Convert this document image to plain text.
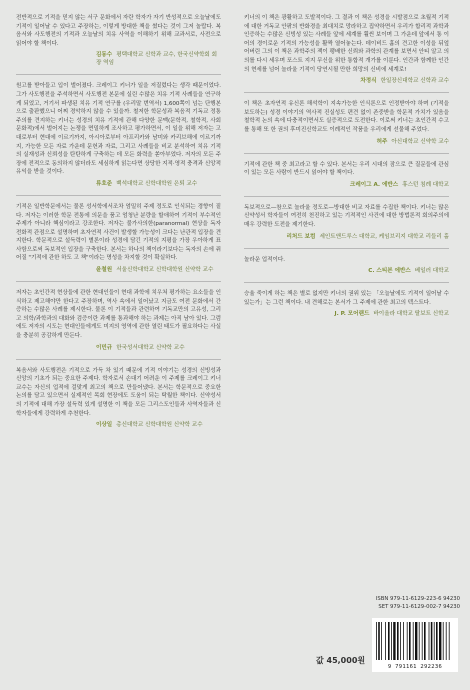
전반적으로 기적을 믿지 않는 서구 문화에서 자란 학자가 자기 반성적으로 오늘날에도 기적이 일어날 수 있다고 주장하는, 이렇게 방대한 책을 썼다는 것이 그저 놀랍다. 복음서와 사도행전의 기적과 오늘날의 치유 사역을 이해하기 위해 교과서로, 사전으로 읽어야 할 책이다.
김동수 평택대학교 신학과 교수, 한국신약학회 회장 역임
원고를 받아들고 입이 벌어졌다. 크레이그 키너가 일을 저질렀다는 생각 때문이었다. 그가 사도행전을 주석하면서 사도행전 본문에 실린 수많은 치유 기적 사례들을 연구하게 되었고, 거기서 파생된 치유 기적 연구를 (우리말 번역서) 1,600쪽이 넘는 단행본으로 출판했으니 어찌 경악하지 않을 수 있을까. 철저한 학문성과 복음적 기독교 정통주의를 견지하는 키너는 성경의 치유 기적에 관해 다양한 문맥(문학적, 철학적, 사회 문화적)에서 벌어지는 논쟁을 면밀하게 조사하고 평가하면서, 이 일을 위해 저자는 고대로부터 현대에 이르기까지, 아시아로부터 아프리카와 남미와 카리브해에 이르기까지, 가능한 모든 자료 가운데 문헌과 자료, 그리고 사례들을 비교 분석하여 치유 기적의 실재성과 신뢰성을 탄탄하게 구축하는 데 모든 화력을 쏟아부었다. 저자의 모든 주장에 전적으로 동의하지 않더라도 세심하게 읽는다면 상당한 지적·영적 충격과 신앙적 유익을 받을 것이다.
류호준 백석대학교 신학대학원 은퇴 교수
기적은 일반학문에서는 물론 성서학에서조차 엄밀히 주제 정도로 인식되는 경향이 짙다. 저자는 이러한 학문 전통에 의문을 품고 엄청난 분량을 할애하여 기적이 부수적인 주제가 아니라 핵심이라고 강조한다. 저자는 불가사의한(paranormal) 현상을 독자 전화적 관점으로 설명하며 초자연적 사건이 발생할 가능성이 크다는 난관적 입장을 견지한다. 학문적으로 설득력이 별론이라 성경에 담긴 기적의 지평을 가장 우아하게 표사함으로써 독보적인 입장을 구축한다. 본서는 하나의 책이라기보다는 독자의 손에 쥐어질 "기적에 관한 하도 고 책"이라는 명성을 차지할 것이 확실하다.
윤철원 서울신학대학교 신학대학원 신약학 교수
저자는 초인간적 현상들에 관한 현대인들이 현대 과학에 치우쳐 평가하는 요소들을 인식하고 제고해야만 한다고 주장하며, 역사 속에서 일어났고 지금도 여전 문화에서 간증하는 수많은 사례를 제시한다. 물론 이 기적들과 관련하여 기독교만의 고유성, 그리고 의학/과학과의 대화와 검증이란 과제를 통과해야 하는 과제는 아직 남아 있다. 그럼에도 저자의 시도는 현대인들에게도 미지의 영역에 관한 열린 태도가 필요하다는 사실을 충분히 공감하게 만든다.
이민규 한국성서대학교 신약학 교수
복음서와 사도행전은 기적으로 가득 차 있기 때문에 기적 이야기는 성경의 신빙성과 신앙의 기초가 되는 중요한 주제다. 학자로서 손대기 어려운 이 주제를 크레이그 키너 교수는 자신의 업적에 걸맞게 최고의 책으로 만들어냈다. 본서는 학문적으로 중요한 논의를 담고 있으면서 실제적인 목회 현장에도 도움이 되는 탁월한 책이다. 신약성서의 기적에 대해 가장 설득력 있게 설명한 이 책을 모든 그리스도인들과 사역자들과 신학자들에게 강력하게 추천한다.
이상일 총신대학교 신학대학원 신약학 교수
키너의 이 책은 광활하고 도발적이다. 그 결과 이 책은 성경을 시발점으로 초월적 기적에 대한 거독교 안팎의 반화경을 최대치로 망라하고 집약하면서 우리가 합리적 과학과 인증하는 수많은 신빙성 있는 사례들 앞에 세계를 훨씬 보이며 그 가운데 앞에서 통 이어의 경이로운 기적의 가능성을 활짝 열어놓는다. 데이비드 흄의 견고한 이성을 뒤엎어버린 그의 이 책은 과학주의 잭이 팽배한 신뢰와 과학의 관계를 보면서 안티 알고 의의를 다시 세우며 포스트 지지 무신을 위한 통합적 개가를 이룬다. 인간과 함께한 인간의 현세를 넘어 놀라울 기적이 당연시될 만한 희망의 신비에 세계로!
차정식 한일장신대학교 신학과 교수
이 책은 초자연적 유신론 해석학이 지속가능한 인식론으로 인정받아야 하며 (기적을 보도하는) 성경 이야기의 역사적 진실성도 편견 없이 존중받을 학문적 가치가 있음을 철학적 논의 속에 다충적이면서도 실증적으로 도전한다. 이로써 키너는 초인간적 수고를 통해 또 한 권의 후미진신학교도 이례적인 작품을 우리에게 선물해 주었다.
허주 아신대학교 신약학 교수
기적에 관한 책 중 최고라고 할 수 있다. 본서는 우리 시대의 잠으로 큰 질문들에 관심이 있는 모든 사람이 반드시 읽어야 할 책이다.
크레이그 A. 에반스 휴스턴 침례 대학교
독보적으로—참으로 놀라울 정도로—방대한 비교 자료를 수집한 책이다. 키너는 많은 신약성서 학자들이 여전히 천진하고 있는 기적적인 사건에 대한 방법론적 회의주의에 매우 강력한 도전을 제기한다.
리처드 보컴 세인트앤드루스 대학교, 케임브리지 대학교 리들리 홀
놀라운 업적이다.
C. 스티븐 에반스 베일러 대학교
승율 죽이게 하는 책은 별로 없지만 키너의 권위 있는 「오늘날에도 기적이 일어날 수 있는가」는 그런 책이다. 내 견해로는 본서가 그 주제에 관한 최고의 텍스트다.
J. P. 모어랜드 바이올라 대학교 탈보트 신학교
ISBN 979-11-6129-223-6 94230
SET 979-11-6129-002-7 94230
9 791161 292236
값 45,000원
